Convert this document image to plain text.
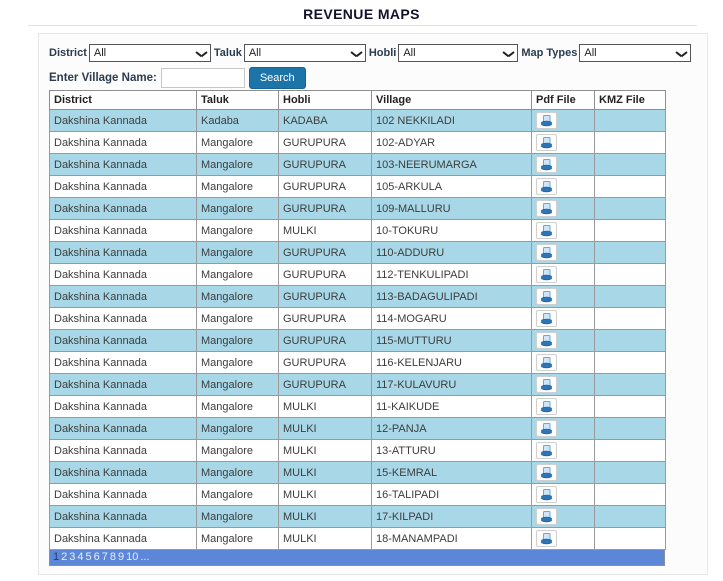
REVENUE MAPS
District All	Taluk All	Hobli All	Map Types All
Enter Village Name:	Search
District	Taluk	Hobli	Village	Pdf File	KMZ File
Dakshina Kannada	Kadaba	KADABA	102 NEKKILADI	

Dakshina Kannada	Mangalore	GURUPURA	102-ADYAR	

Dakshina Kannada	Mangalore	GURUPURA	103-NEERUMARGA	

Dakshina Kannada	Mangalore	GURUPURA	105-ARKULA	

Dakshina Kannada	Mangalore	GURUPURA	109-MALLURU	

Dakshina Kannada	Mangalore	MULKI	10-TOKURU	

Dakshina Kannada	Mangalore	GURUPURA	110-ADDURU	

Dakshina Kannada	Mangalore	GURUPURA	112-TENKULIPADI	

Dakshina Kannada	Mangalore	GURUPURA	113-BADAGULIPADI	

Dakshina Kannada	Mangalore	GURUPURA	114-MOGARU	

Dakshina Kannada	Mangalore	GURUPURA	115-MUTTURU	

Dakshina Kannada	Mangalore	GURUPURA	116-KELENJARU	

Dakshina Kannada	Mangalore	GURUPURA	117-KULAVURU	

Dakshina Kannada	Mangalore	MULKI	11-KAIKUDE	

Dakshina Kannada	Mangalore	MULKI	12-PANJA	

Dakshina Kannada	Mangalore	MULKI	13-ATTURU	

Dakshina Kannada	Mangalore	MULKI	15-KEMRAL	

Dakshina Kannada	Mangalore	MULKI	16-TALIPADI	

Dakshina Kannada	Mangalore	MULKI	17-KILPADI	

Dakshina Kannada	Mangalore	MULKI	18-MANAMPADI	

1 2 3 4 5 6 7 8 9 10 ...
